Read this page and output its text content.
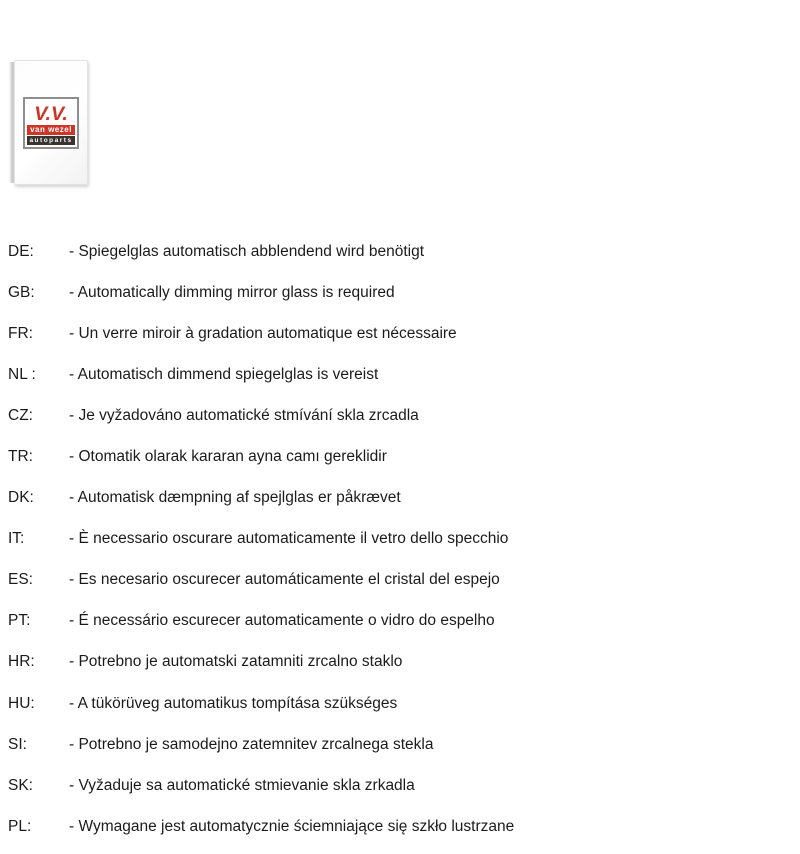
V.V.
van wezel
autoparts
DE:	- Spiegelglas automatisch abblendend wird benötigt
GB:	- Automatically dimming mirror glass is required
FR:	- Un verre miroir à gradation automatique est nécessaire
NL :	- Automatisch dimmend spiegelglas is vereist
CZ:	- Je vyžadováno automatické stmívání skla zrcadla
TR:	- Otomatik olarak kararan ayna camı gereklidir
DK:	- Automatisk dæmpning af spejlglas er påkrævet
IT:	- È necessario oscurare automaticamente il vetro dello specchio
ES:	- Es necesario oscurecer automáticamente el cristal del espejo
PT:	- É necessário escurecer automaticamente o vidro do espelho
HR:	- Potrebno je automatski zatamniti zrcalno staklo
HU:	- A tükörüveg automatikus tompítása szükséges
SI:	- Potrebno je samodejno zatemnitev zrcalnega stekla
SK:	- Vyžaduje sa automatické stmievanie skla zrkadla
PL:	- Wymagane jest automatycznie ściemniające się szkło lustrzane
